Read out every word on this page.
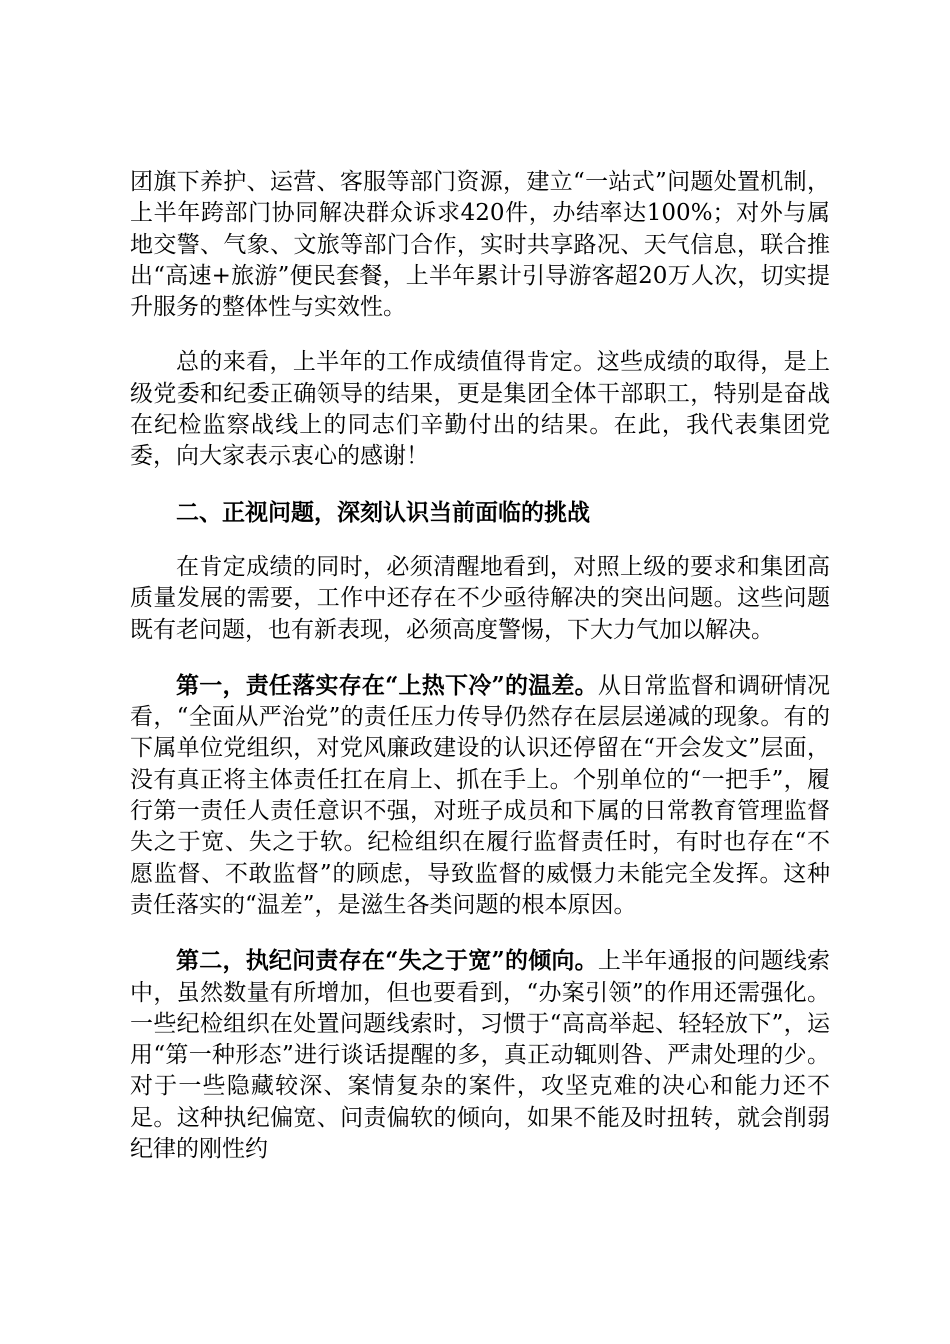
团旗下养护、运营、客服等部门资源，建立“一站式”问题处置机制，上半年跨部门协同解决群众诉求420件，办结率达100%；对外与属地交警、气象、文旅等部门合作，实时共享路况、天气信息，联合推出“高速+旅游”便民套餐，上半年累计引导游客超20万人次，切实提升服务的整体性与实效性。

总的来看，上半年的工作成绩值得肯定。这些成绩的取得，是上级党委和纪委正确领导的结果，更是集团全体干部职工，特别是奋战在纪检监察战线上的同志们辛勤付出的结果。在此，我代表集团党委，向大家表示衷心的感谢！

二、正视问题，深刻认识当前面临的挑战

在肯定成绩的同时，必须清醒地看到，对照上级的要求和集团高质量发展的需要，工作中还存在不少亟待解决的突出问题。这些问题既有老问题，也有新表现，必须高度警惕，下大力气加以解决。

第一，责任落实存在“上热下冷”的温差。从日常监督和调研情况看，“全面从严治党”的责任压力传导仍然存在层层递减的现象。有的下属单位党组织，对党风廉政建设的认识还停留在“开会发文”层面，没有真正将主体责任扛在肩上、抓在手上。个别单位的“一把手”，履行第一责任人责任意识不强，对班子成员和下属的日常教育管理监督失之于宽、失之于软。纪检组织在履行监督责任时，有时也存在“不愿监督、不敢监督”的顾虑，导致监督的威慑力未能完全发挥。这种责任落实的“温差”，是滋生各类问题的根本原因。

第二，执纪问责存在“失之于宽”的倾向。上半年通报的问题线索中，虽然数量有所增加，但也要看到，“办案引领”的作用还需强化。一些纪检组织在处置问题线索时，习惯于“高高举起、轻轻放下”，运用“第一种形态”进行谈话提醒的多，真正动辄则咎、严肃处理的少。对于一些隐藏较深、案情复杂的案件，攻坚克难的决心和能力还不足。这种执纪偏宽、问责偏软的倾向，如果不能及时扭转，就会削弱纪律的刚性约
